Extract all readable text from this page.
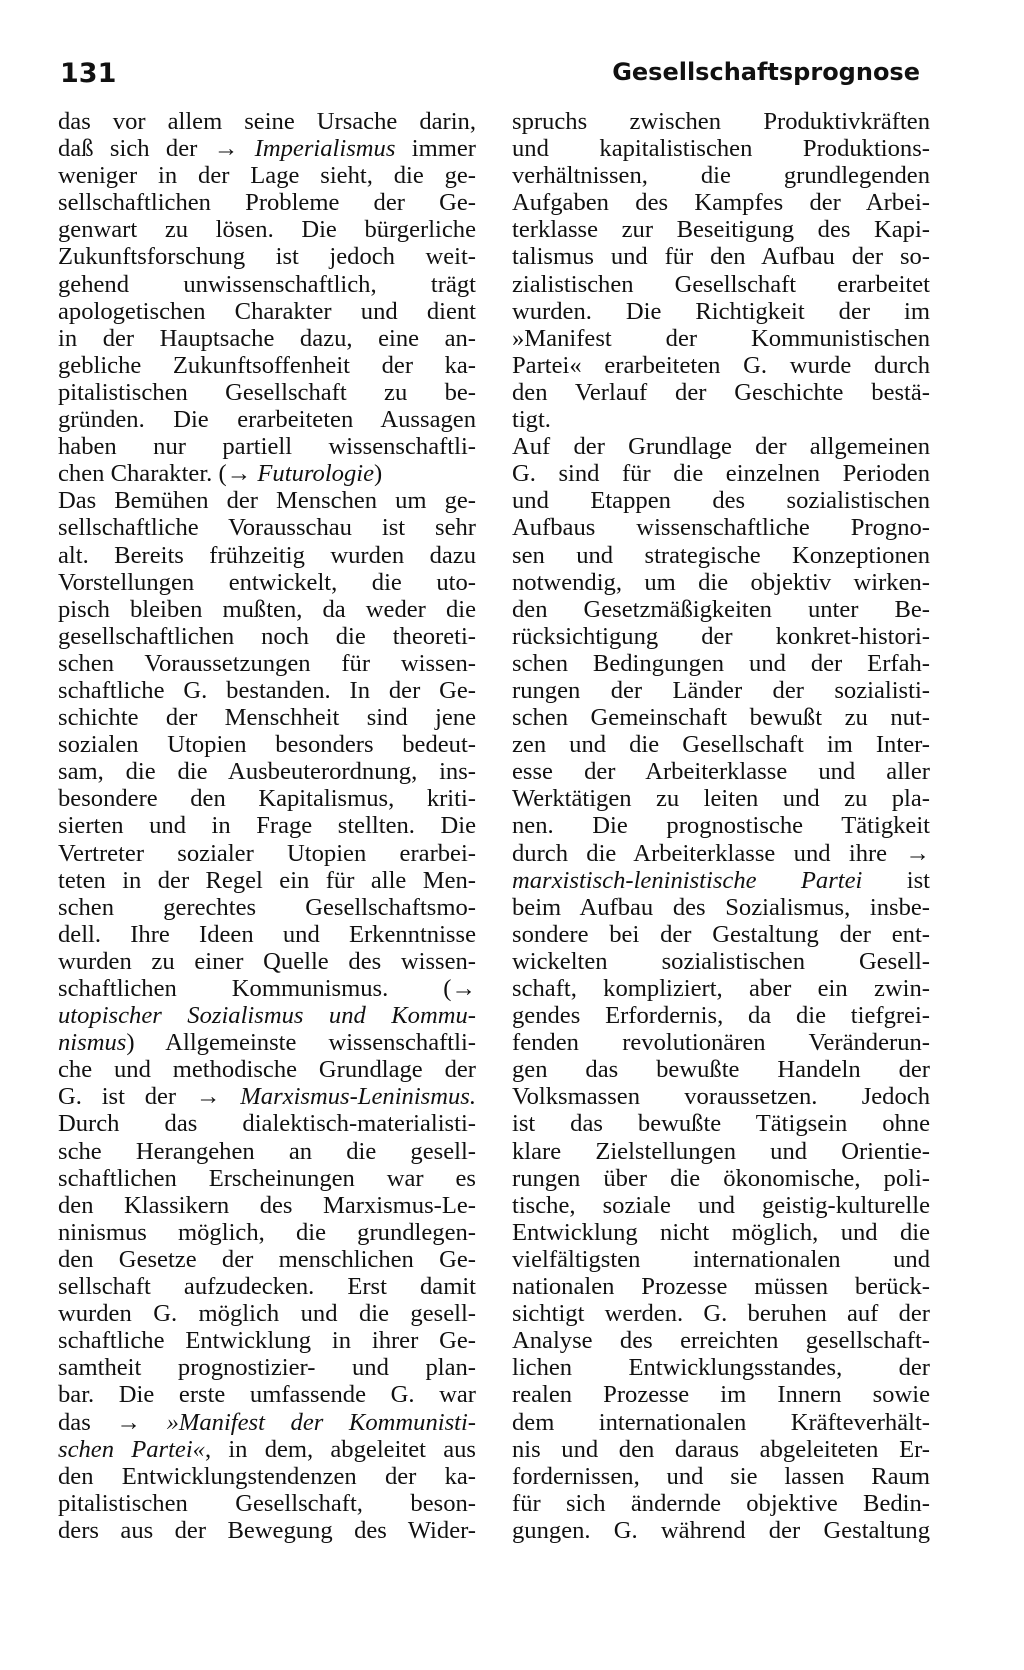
131	Gesellschaftsprognose
das vor allem seine Ursache darin,
daß sich der → Imperialismus immer
weniger in der Lage sieht, die ge-
sellschaftlichen Probleme der Ge-
genwart zu lösen. Die bürgerliche
Zukunftsforschung ist jedoch weit-
gehend unwissenschaftlich, trägt
apologetischen Charakter und dient
in der Hauptsache dazu, eine an-
gebliche Zukunftsoffenheit der ka-
pitalistischen Gesellschaft zu be-
gründen. Die erarbeiteten Aussagen
haben nur partiell wissenschaftli-
chen Charakter. (→ Futurologie)
Das Bemühen der Menschen um ge-
sellschaftliche Vorausschau ist sehr
alt. Bereits frühzeitig wurden dazu
Vorstellungen entwickelt, die uto-
pisch bleiben mußten, da weder die
gesellschaftlichen noch die theoreti-
schen Voraussetzungen für wissen-
schaftliche G. bestanden. In der Ge-
schichte der Menschheit sind jene
sozialen Utopien besonders bedeut-
sam, die die Ausbeuterordnung, ins-
besondere den Kapitalismus, kriti-
sierten und in Frage stellten. Die
Vertreter sozialer Utopien erarbei-
teten in der Regel ein für alle Men-
schen gerechtes Gesellschaftsmo-
dell. Ihre Ideen und Erkenntnisse
wurden zu einer Quelle des wissen-
schaftlichen Kommunismus. (→
utopischer Sozialismus und Kommu-
nismus) Allgemeinste wissenschaftli-
che und methodische Grundlage der
G. ist der → Marxismus-Leninismus.
Durch das dialektisch-materialisti-
sche Herangehen an die gesell-
schaftlichen Erscheinungen war es
den Klassikern des Marxismus-Le-
ninismus möglich, die grundlegen-
den Gesetze der menschlichen Ge-
sellschaft aufzudecken. Erst damit
wurden G. möglich und die gesell-
schaftliche Entwicklung in ihrer Ge-
samtheit prognostizier- und plan-
bar. Die erste umfassende G. war
das → »Manifest der Kommunisti-
schen Partei«, in dem, abgeleitet aus
den Entwicklungstendenzen der ka-
pitalistischen Gesellschaft, beson-
ders aus der Bewegung des Wider-
spruchs zwischen Produktivkräften
und kapitalistischen Produktions-
verhältnissen, die grundlegenden
Aufgaben des Kampfes der Arbei-
terklasse zur Beseitigung des Kapi-
talismus und für den Aufbau der so-
zialistischen Gesellschaft erarbeitet
wurden. Die Richtigkeit der im
»Manifest der Kommunistischen
Partei« erarbeiteten G. wurde durch
den Verlauf der Geschichte bestä-
tigt.
Auf der Grundlage der allgemeinen
G. sind für die einzelnen Perioden
und Etappen des sozialistischen
Aufbaus wissenschaftliche Progno-
sen und strategische Konzeptionen
notwendig, um die objektiv wirken-
den Gesetzmäßigkeiten unter Be-
rücksichtigung der konkret-histori-
schen Bedingungen und der Erfah-
rungen der Länder der sozialisti-
schen Gemeinschaft bewußt zu nut-
zen und die Gesellschaft im Inter-
esse der Arbeiterklasse und aller
Werktätigen zu leiten und zu pla-
nen. Die prognostische Tätigkeit
durch die Arbeiterklasse und ihre →
marxistisch-leninistische Partei ist
beim Aufbau des Sozialismus, insbe-
sondere bei der Gestaltung der ent-
wickelten sozialistischen Gesell-
schaft, kompliziert, aber ein zwin-
gendes Erfordernis, da die tiefgrei-
fenden revolutionären Veränderun-
gen das bewußte Handeln der
Volksmassen voraussetzen. Jedoch
ist das bewußte Tätigsein ohne
klare Zielstellungen und Orientie-
rungen über die ökonomische, poli-
tische, soziale und geistig-kulturelle
Entwicklung nicht möglich, und die
vielfältigsten internationalen und
nationalen Prozesse müssen berück-
sichtigt werden. G. beruhen auf der
Analyse des erreichten gesellschaft-
lichen Entwicklungsstandes, der
realen Prozesse im Innern sowie
dem internationalen Kräfteverhält-
nis und den daraus abgeleiteten Er-
fordernissen, und sie lassen Raum
für sich ändernde objektive Bedin-
gungen. G. während der Gestaltung
